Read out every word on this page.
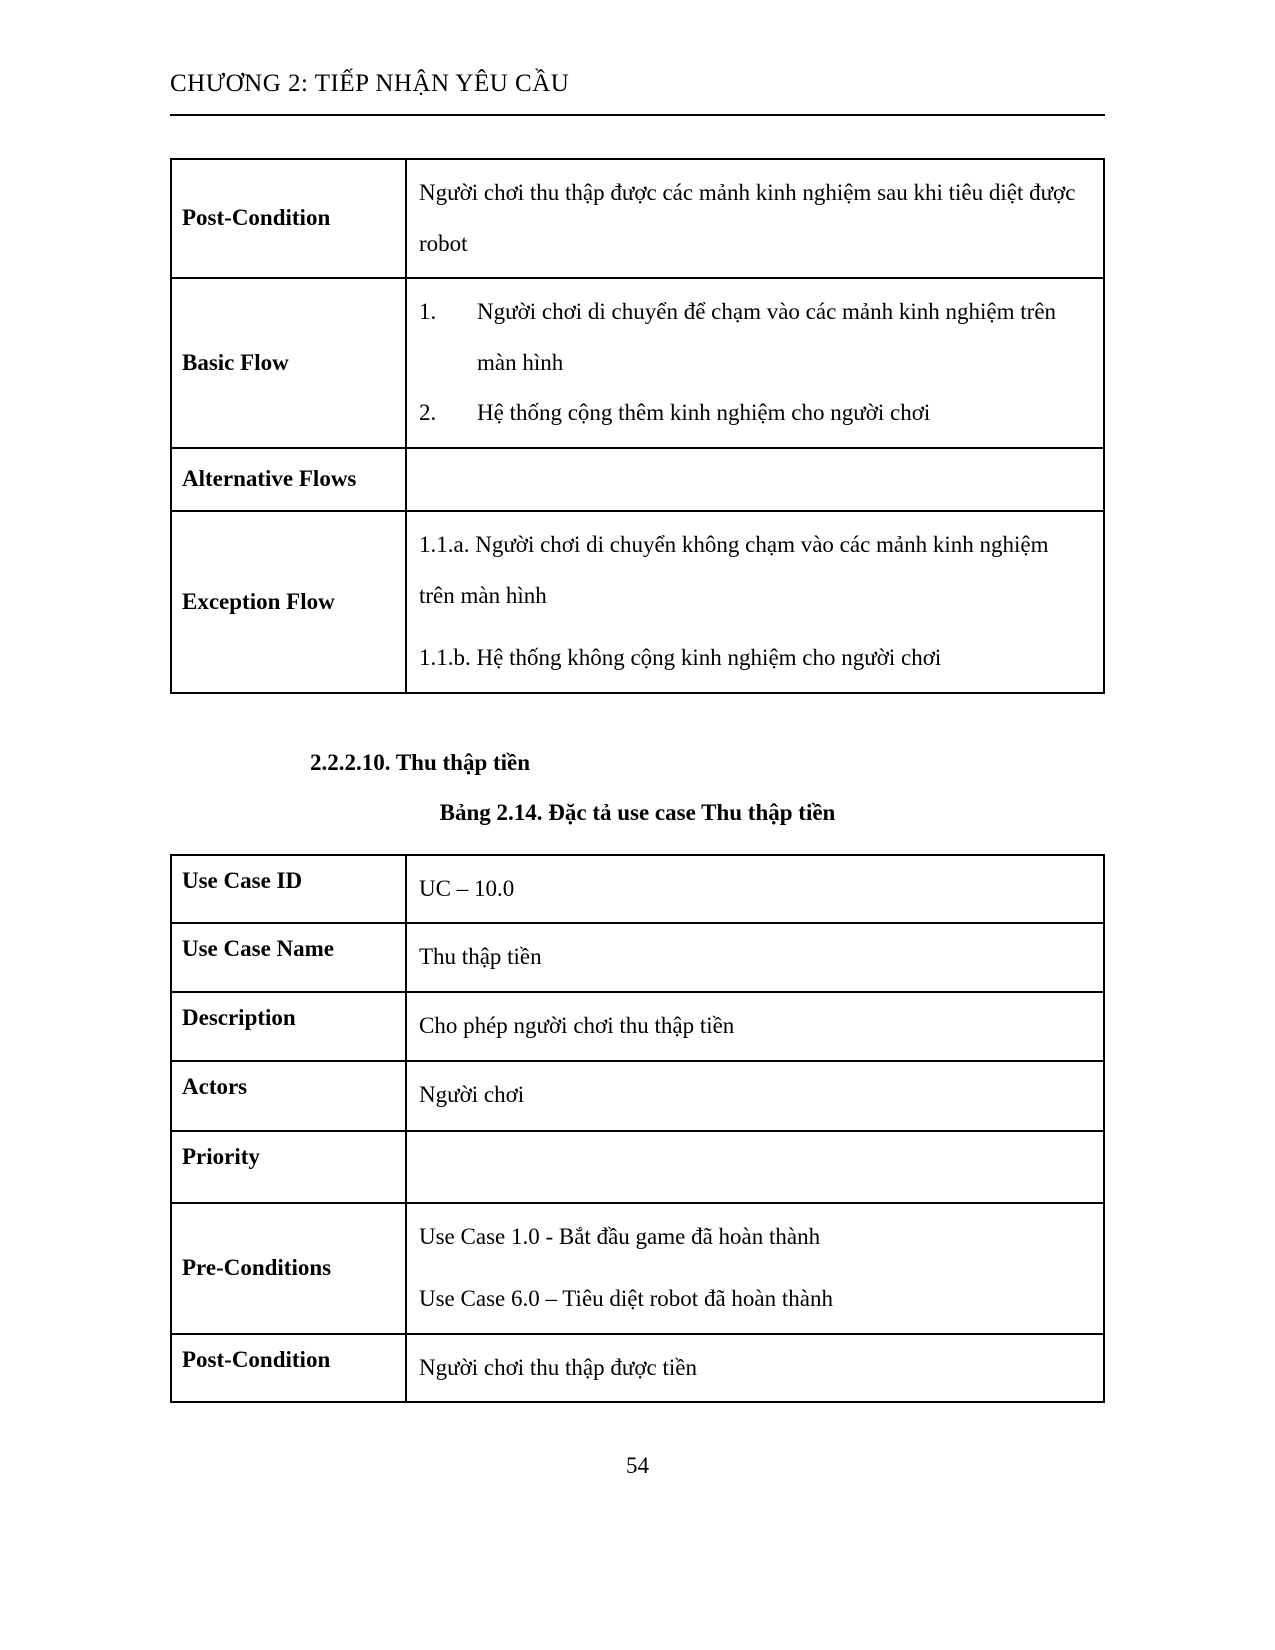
CHƯƠNG 2: TIẾP NHẬN YÊU CẦU
Post-Condition	Người chơi thu thập được các mảnh kinh nghiệm sau khi tiêu diệt được robot

Basic Flow	1. Người chơi di chuyển để chạm vào các mảnh kinh nghiệm trên màn hình
2. Hệ thống cộng thêm kinh nghiệm cho người chơi

Alternative Flows	

Exception Flow	1.1.a. Người chơi di chuyển không chạm vào các mảnh kinh nghiệm trên màn hình

1.1.b. Hệ thống không cộng kinh nghiệm cho người chơi

2.2.2.10. Thu thập tiền

Bảng 2.14. Đặc tả use case Thu thập tiền

Use Case ID	UC – 10.0

Use Case Name	Thu thập tiền

Description	Cho phép người chơi thu thập tiền

Actors	Người chơi

Priority	

Pre-Conditions	Use Case 1.0 - Bắt đầu game đã hoàn thành

Use Case 6.0 – Tiêu diệt robot đã hoàn thành

Post-Condition	Người chơi thu thập được tiền

54
